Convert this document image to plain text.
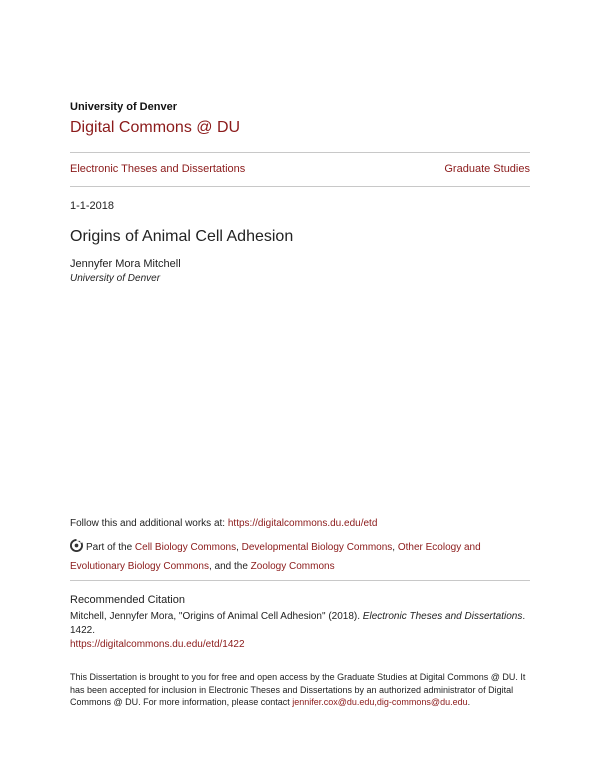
University of Denver
Digital Commons @ DU
Electronic Theses and Dissertations	Graduate Studies
1-1-2018
Origins of Animal Cell Adhesion
Jennyfer Mora Mitchell
University of Denver
Follow this and additional works at: https://digitalcommons.du.edu/etd
Part of the Cell Biology Commons, Developmental Biology Commons, Other Ecology and Evolutionary Biology Commons, and the Zoology Commons
Recommended Citation
Mitchell, Jennyfer Mora, "Origins of Animal Cell Adhesion" (2018). Electronic Theses and Dissertations. 1422.
https://digitalcommons.du.edu/etd/1422
This Dissertation is brought to you for free and open access by the Graduate Studies at Digital Commons @ DU. It has been accepted for inclusion in Electronic Theses and Dissertations by an authorized administrator of Digital Commons @ DU. For more information, please contact jennifer.cox@du.edu,dig-commons@du.edu.
